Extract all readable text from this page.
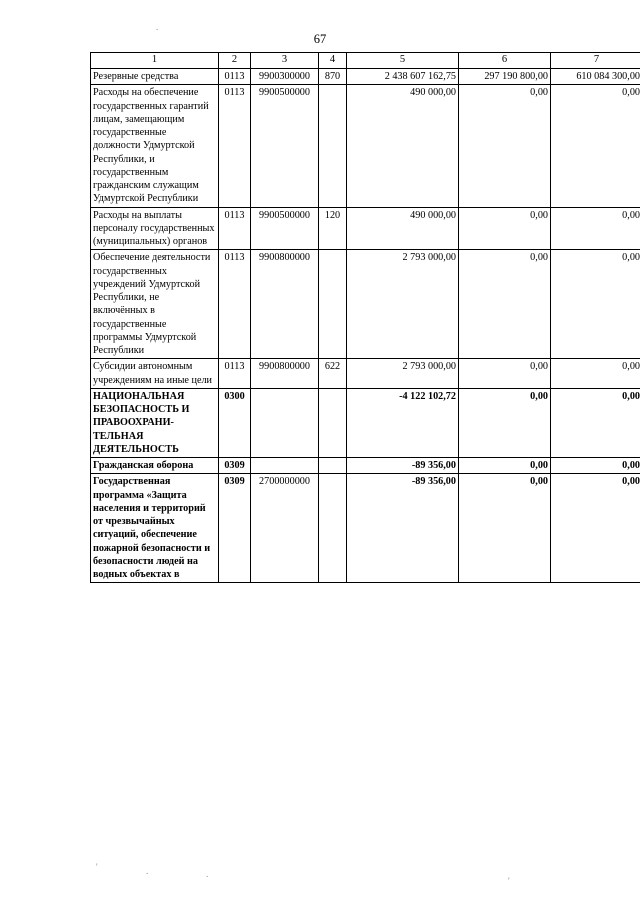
67
.
'	.	.
'
1	2	3	4	5	6	7
Резервные средства	0113	9900300000	870	2 438 607 162,75	297 190 800,00	610 084 300,00
Расходы на обеспечение государственных гарантий лицам, замещающим государственные должности Удмуртской Республики, и государственным гражданским служащим Удмуртской Республики	0113	9900500000		490 000,00	0,00	0,00
Расходы на выплаты персоналу государственных (муниципальных) органов	0113	9900500000	120	490 000,00	0,00	0,00
Обеспечение деятельности государственных учреждений Удмуртской Республики, не включённых в государственные программы Удмуртской Республики	0113	9900800000		2 793 000,00	0,00	0,00
Субсидии автономным учреждениям на иные цели	0113	9900800000	622	2 793 000,00	0,00	0,00
НАЦИОНАЛЬНАЯ БЕЗОПАСНОСТЬ И ПРАВООХРАНИ-ТЕЛЬНАЯ ДЕЯТЕЛЬНОСТЬ	0300			-4 122 102,72	0,00	0,00
Гражданская оборона	0309			-89 356,00	0,00	0,00
Государственная программа «Защита населения и территорий от чрезвычайных ситуаций, обеспечение пожарной безопасности и безопасности людей на водных объектах в	0309	2700000000		-89 356,00	0,00	0,00
